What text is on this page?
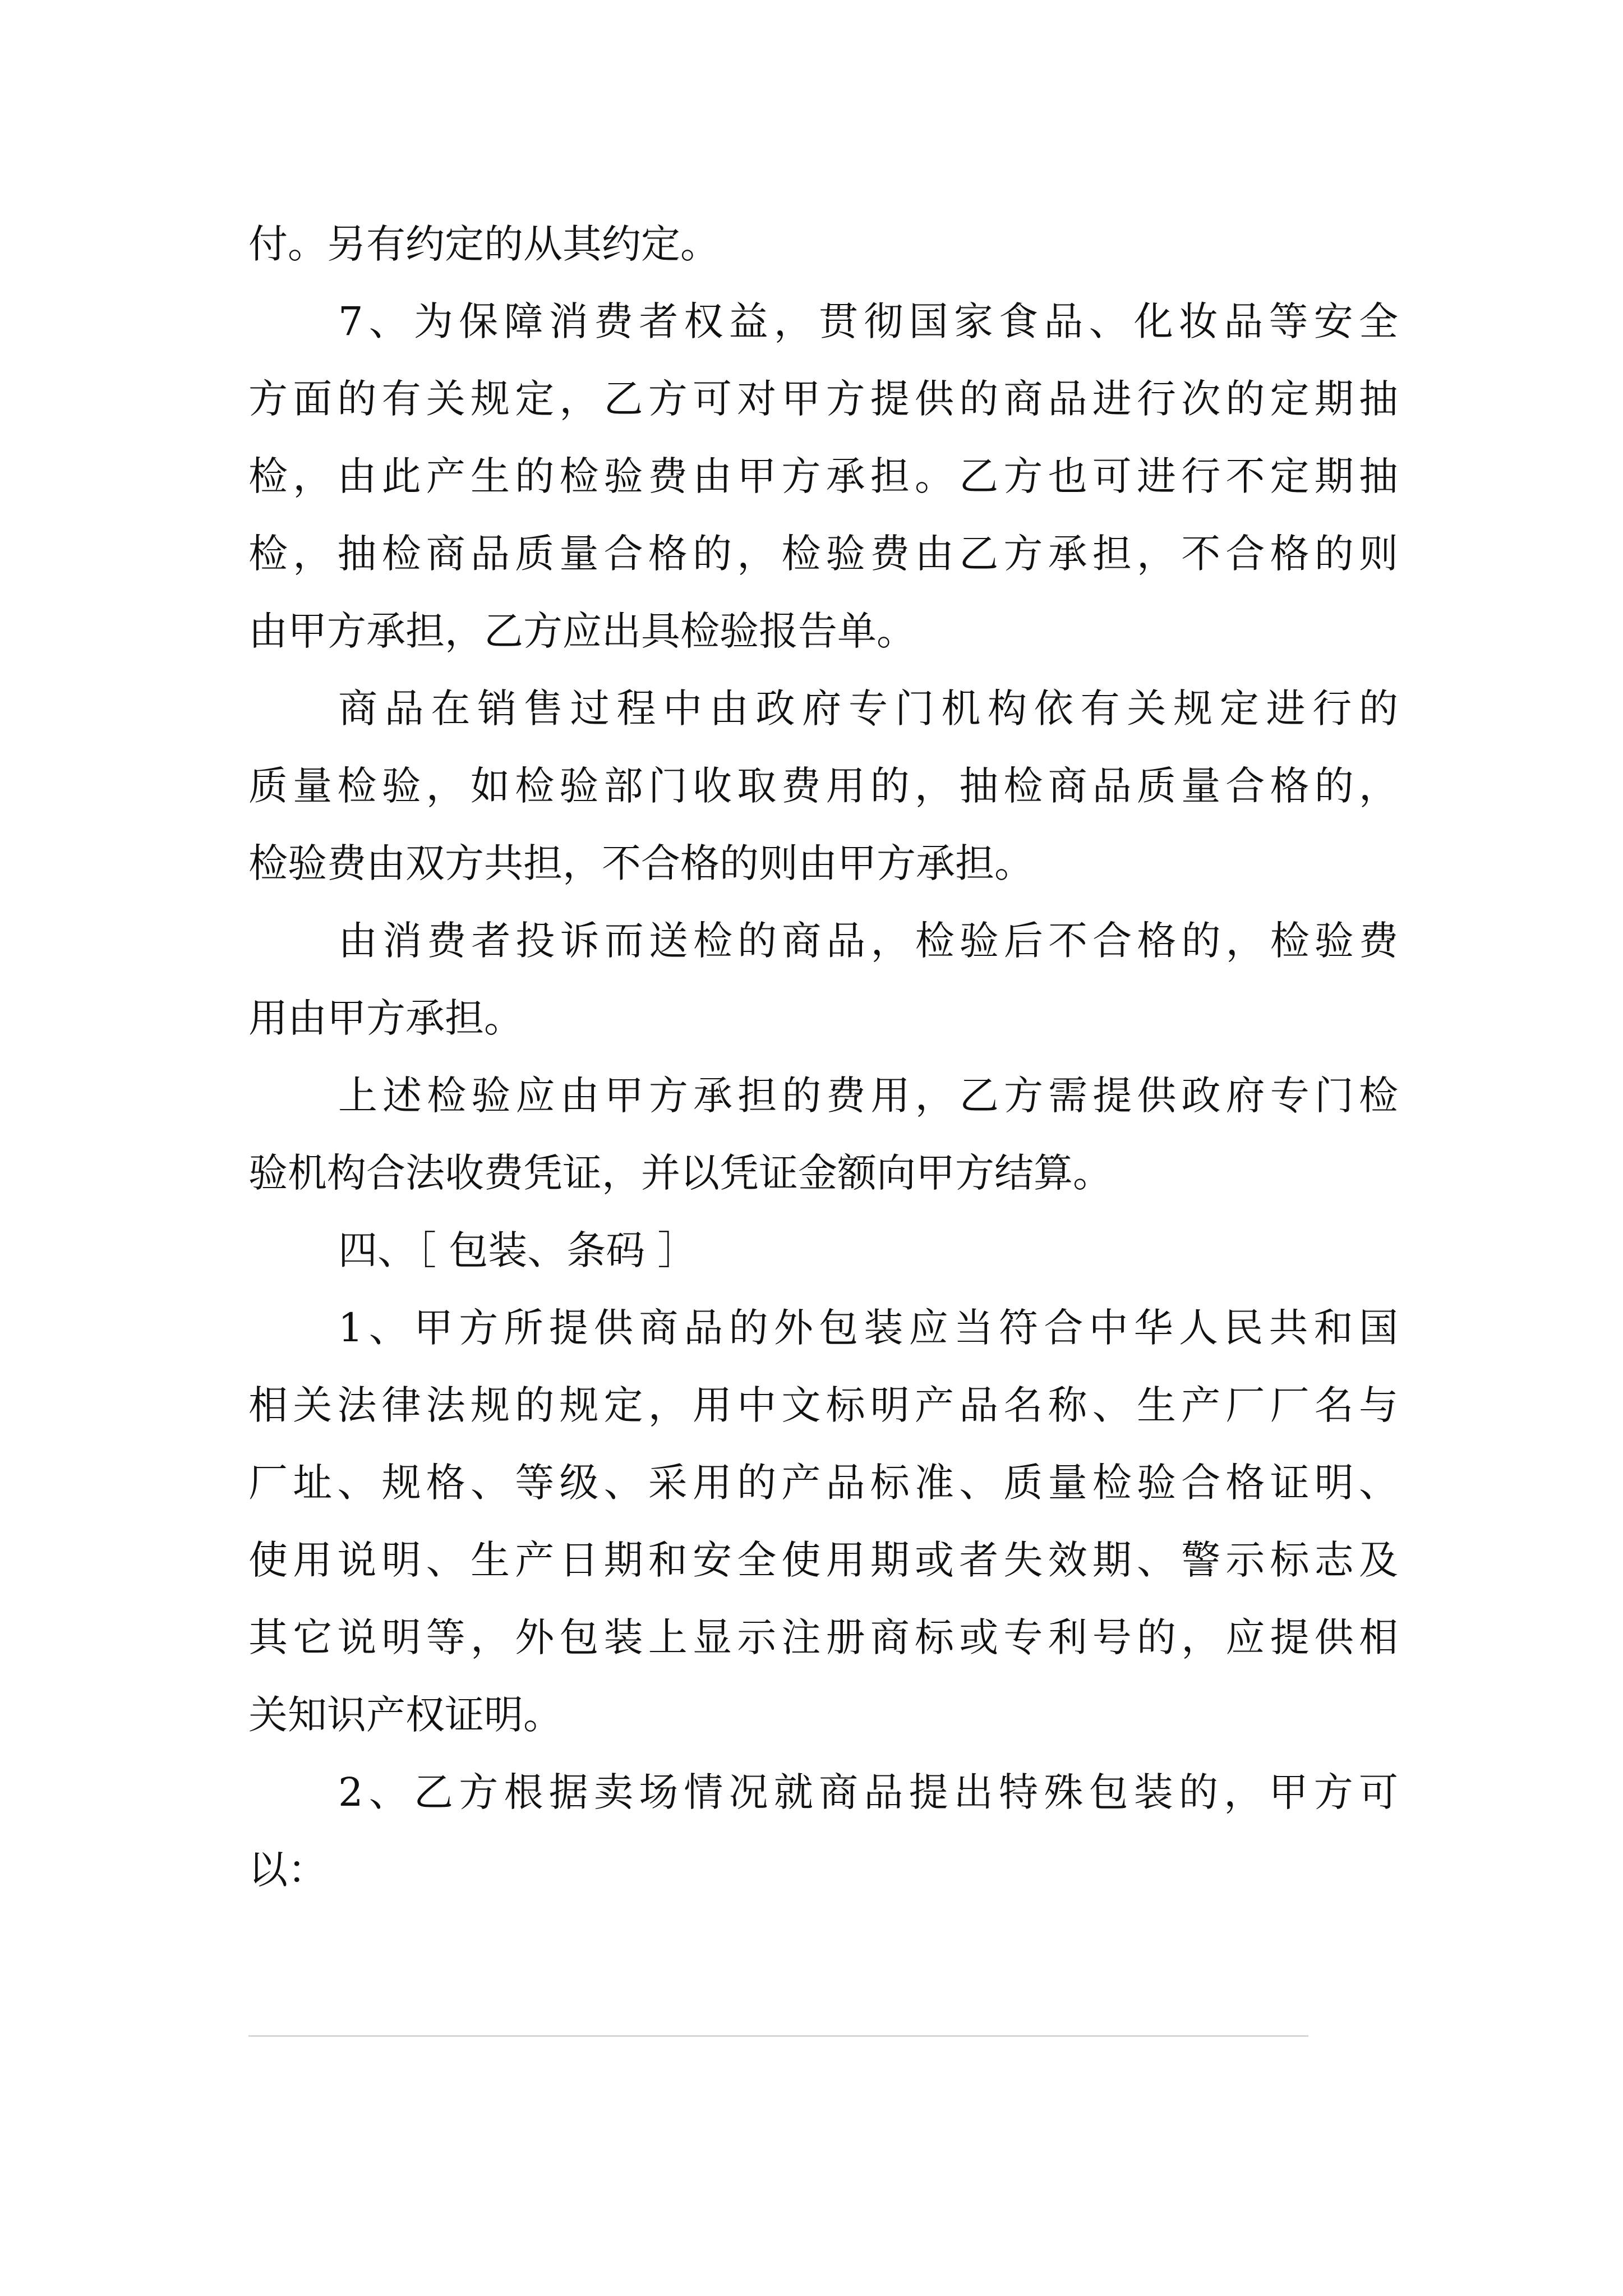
付。另有约定的从其约定。
7、为保障消费者权益，贯彻国家食品、化妆品等安全
方面的有关规定，乙方可对甲方提供的商品进行次的定期抽
检，由此产生的检验费由甲方承担。乙方也可进行不定期抽
检，抽检商品质量合格的，检验费由乙方承担，不合格的则
由甲方承担，乙方应出具检验报告单。
商品在销售过程中由政府专门机构依有关规定进行的
质量检验，如检验部门收取费用的，抽检商品质量合格的，
检验费由双方共担，不合格的则由甲方承担。
由消费者投诉而送检的商品，检验后不合格的，检验费
用由甲方承担。
上述检验应由甲方承担的费用，乙方需提供政府专门检
验机构合法收费凭证，并以凭证金额向甲方结算。
四、［ 包装、条码 ］
1、甲方所提供商品的外包装应当符合中华人民共和国
相关法律法规的规定，用中文标明产品名称、生产厂厂名与
厂址、规格、等级、采用的产品标准、质量检验合格证明、
使用说明、生产日期和安全使用期或者失效期、警示标志及
其它说明等，外包装上显示注册商标或专利号的，应提供相
关知识产权证明。
2、乙方根据卖场情况就商品提出特殊包装的，甲方可
以：
